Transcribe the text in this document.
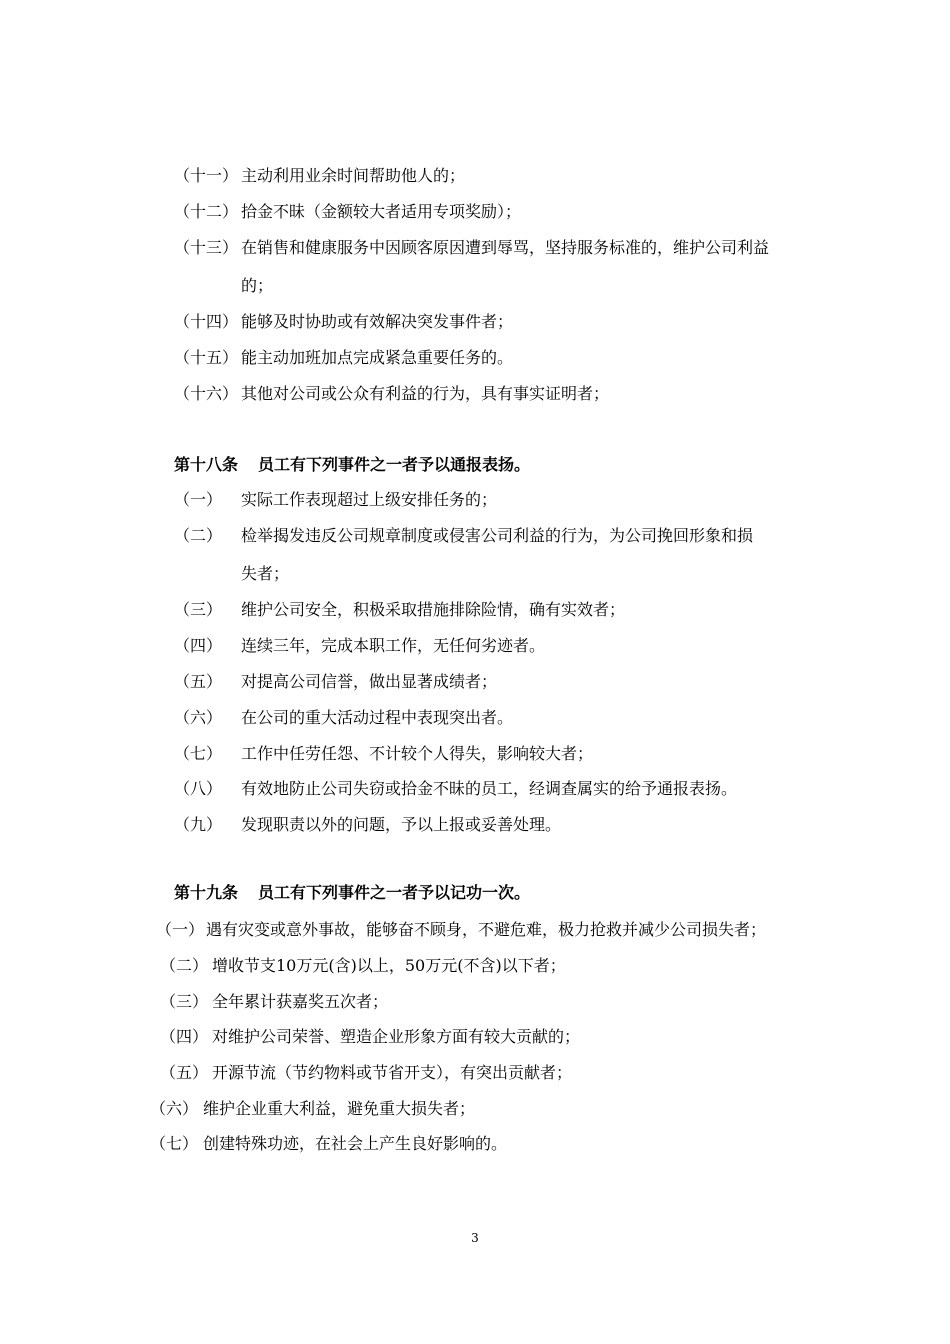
（十一） 主动利用业余时间帮助他人的；
（十二） 拾金不昧（金额较大者适用专项奖励）；
（十三） 在销售和健康服务中因顾客原因遭到辱骂，坚持服务标准的，维护公司利益
的；
（十四） 能够及时协助或有效解决突发事件者；
（十五） 能主动加班加点完成紧急重要任务的。
（十六） 其他对公司或公众有利益的行为，具有事实证明者；
第十八条 员工有下列事件之一者予以通报表扬。
（一） 实际工作表现超过上级安排任务的；
（二） 检举揭发违反公司规章制度或侵害公司利益的行为，为公司挽回形象和损
失者；
（三） 维护公司安全，积极采取措施排除险情，确有实效者；
（四） 连续三年，完成本职工作，无任何劣迹者。
（五） 对提高公司信誉，做出显著成绩者；
（六） 在公司的重大活动过程中表现突出者。
（七） 工作中任劳任怨、不计较个人得失，影响较大者；
（八） 有效地防止公司失窃或拾金不昧的员工，经调查属实的给予通报表扬。
（九） 发现职责以外的问题，予以上报或妥善处理。
第十九条 员工有下列事件之一者予以记功一次。
（一） 遇有灾变或意外事故，能够奋不顾身，不避危难，极力抢救并减少公司损失者；
（二） 增收节支10万元(含)以上，50万元(不含)以下者；
（三） 全年累计获嘉奖五次者；
（四） 对维护公司荣誉、塑造企业形象方面有较大贡献的；
（五） 开源节流（节约物料或节省开支），有突出贡献者；
（六） 维护企业重大利益，避免重大损失者；
（七） 创建特殊功迹，在社会上产生良好影响的。
3
